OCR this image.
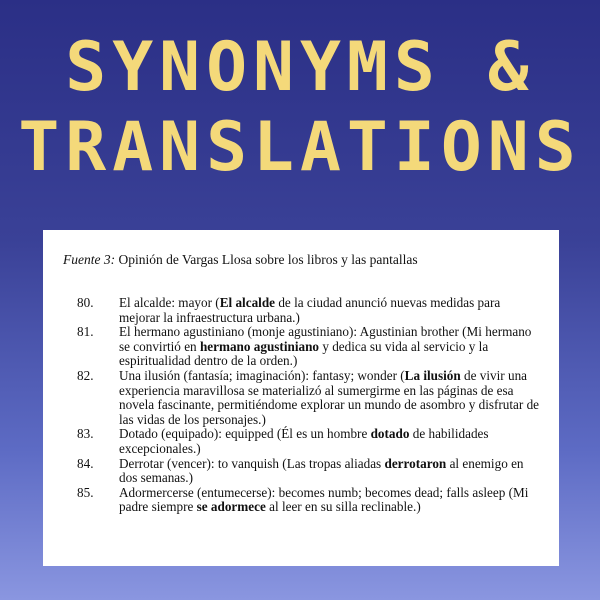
SYNONYMS &
TRANSLATIONS
Fuente 3: Opinión de Vargas Llosa sobre los libros y las pantallas
80.	El alcalde: mayor (El alcalde de la ciudad anunció nuevas medidas para mejorar la infraestructura urbana.)
81.	El hermano agustiniano (monje agustiniano): Agustinian brother (Mi hermano se convirtió en hermano agustiniano y dedica su vida al servicio y la espiritualidad dentro de la orden.)
82.	Una ilusión (fantasía; imaginación): fantasy; wonder (La ilusión de vivir una experiencia maravillosa se materializó al sumergirme en las páginas de esa novela fascinante, permitiéndome explorar un mundo de asombro y disfrutar de las vidas de los personajes.)
83.	Dotado (equipado): equipped (Él es un hombre dotado de habilidades excepcionales.)
84.	Derrotar (vencer): to vanquish (Las tropas aliadas derrotaron al enemigo en dos semanas.)
85.	Adormercerse (entumecerse): becomes numb; becomes dead; falls asleep (Mi padre siempre se adormece al leer en su silla reclinable.)
